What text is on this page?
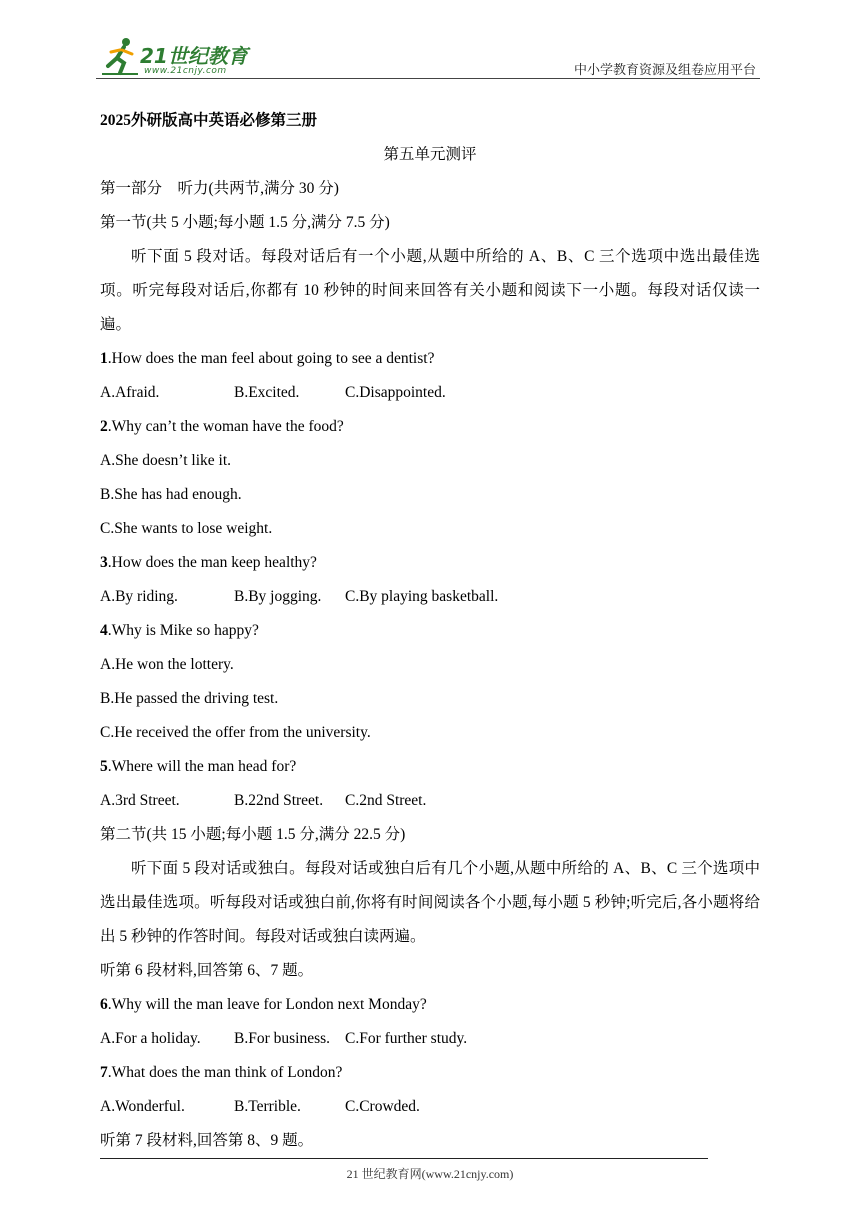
21世纪教育
www.21cnjy.com	中小学教育资源及组卷应用平台
2025外研版高中英语必修第三册
第五单元测评
第一部分　听力(共两节,满分 30 分)
第一节(共 5 小题;每小题 1.5 分,满分 7.5 分)
听下面 5 段对话。每段对话后有一个小题,从题中所给的 A、B、C 三个选项中选出最佳选项。听完每段对话后,你都有 10 秒钟的时间来回答有关小题和阅读下一小题。每段对话仅读一遍。
1.How does the man feel about going to see a dentist?
A.Afraid.	B.Excited.	C.Disappointed.
2.Why can’t the woman have the food?
A.She doesn’t like it.
B.She has had enough.
C.She wants to lose weight.
3.How does the man keep healthy?
A.By riding.	B.By jogging. C.By playing basketball.
4.Why is Mike so happy?
A.He won the lottery.
B.He passed the driving test.
C.He received the offer from the university.
5.Where will the man head for?
A.3rd Street.	B.22nd Street. C.2nd Street.
第二节(共 15 小题;每小题 1.5 分,满分 22.5 分)
听下面 5 段对话或独白。每段对话或独白后有几个小题,从题中所给的 A、B、C 三个选项中选出最佳选项。听每段对话或独白前,你将有时间阅读各个小题,每小题 5 秒钟;听完后,各小题将给出 5 秒钟的作答时间。每段对话或独白读两遍。
听第 6 段材料,回答第 6、7 题。
6.Why will the man leave for London next Monday?
A.For a holiday. B.For business. C.For further study.
7.What does the man think of London?
A.Wonderful.	B.Terrible.	C.Crowded.
听第 7 段材料,回答第 8、9 题。
21 世纪教育网(www.21cnjy.com)
